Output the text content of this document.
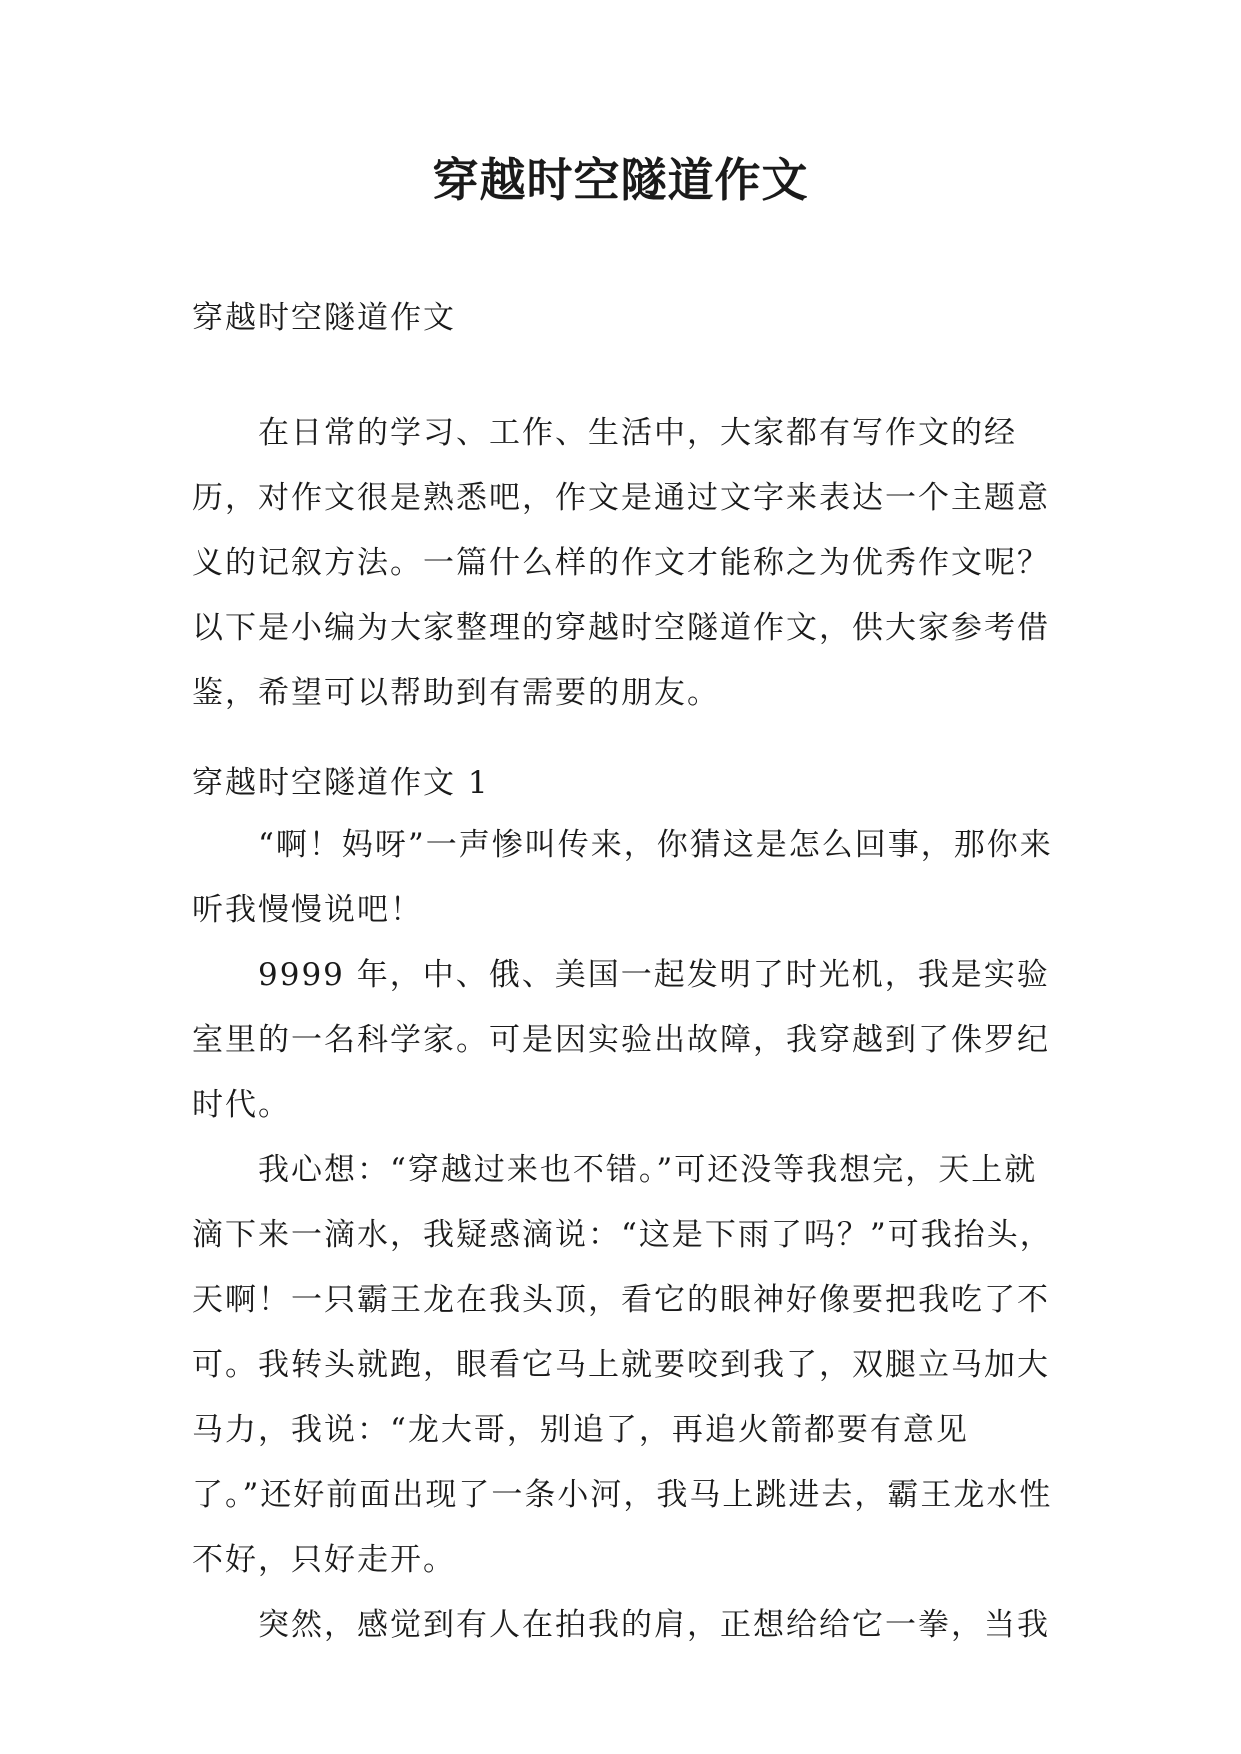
穿越时空隧道作文
穿越时空隧道作文

在日常的学习、工作、生活中，大家都有写作文的经历，对作文很是熟悉吧，作文是通过文字来表达一个主题意义的记叙方法。一篇什么样的作文才能称之为优秀作文呢？以下是小编为大家整理的穿越时空隧道作文，供大家参考借鉴，希望可以帮助到有需要的朋友。

穿越时空隧道作文 1

“啊！妈呀”一声惨叫传来，你猜这是怎么回事，那你来听我慢慢说吧！

9999 年，中、俄、美国一起发明了时光机，我是实验室里的一名科学家。可是因实验出故障，我穿越到了侏罗纪时代。

我心想：“穿越过来也不错。”可还没等我想完，天上就滴下来一滴水，我疑惑滴说：“这是下雨了吗？”可我抬头，天啊！一只霸王龙在我头顶，看它的眼神好像要把我吃了不可。我转头就跑，眼看它马上就要咬到我了，双腿立马加大马力，我说：“龙大哥，别追了，再追火箭都要有意见了。”还好前面出现了一条小河，我马上跳进去，霸王龙水性不好，只好走开。

突然，感觉到有人在拍我的肩，正想给给它一拳，当我
